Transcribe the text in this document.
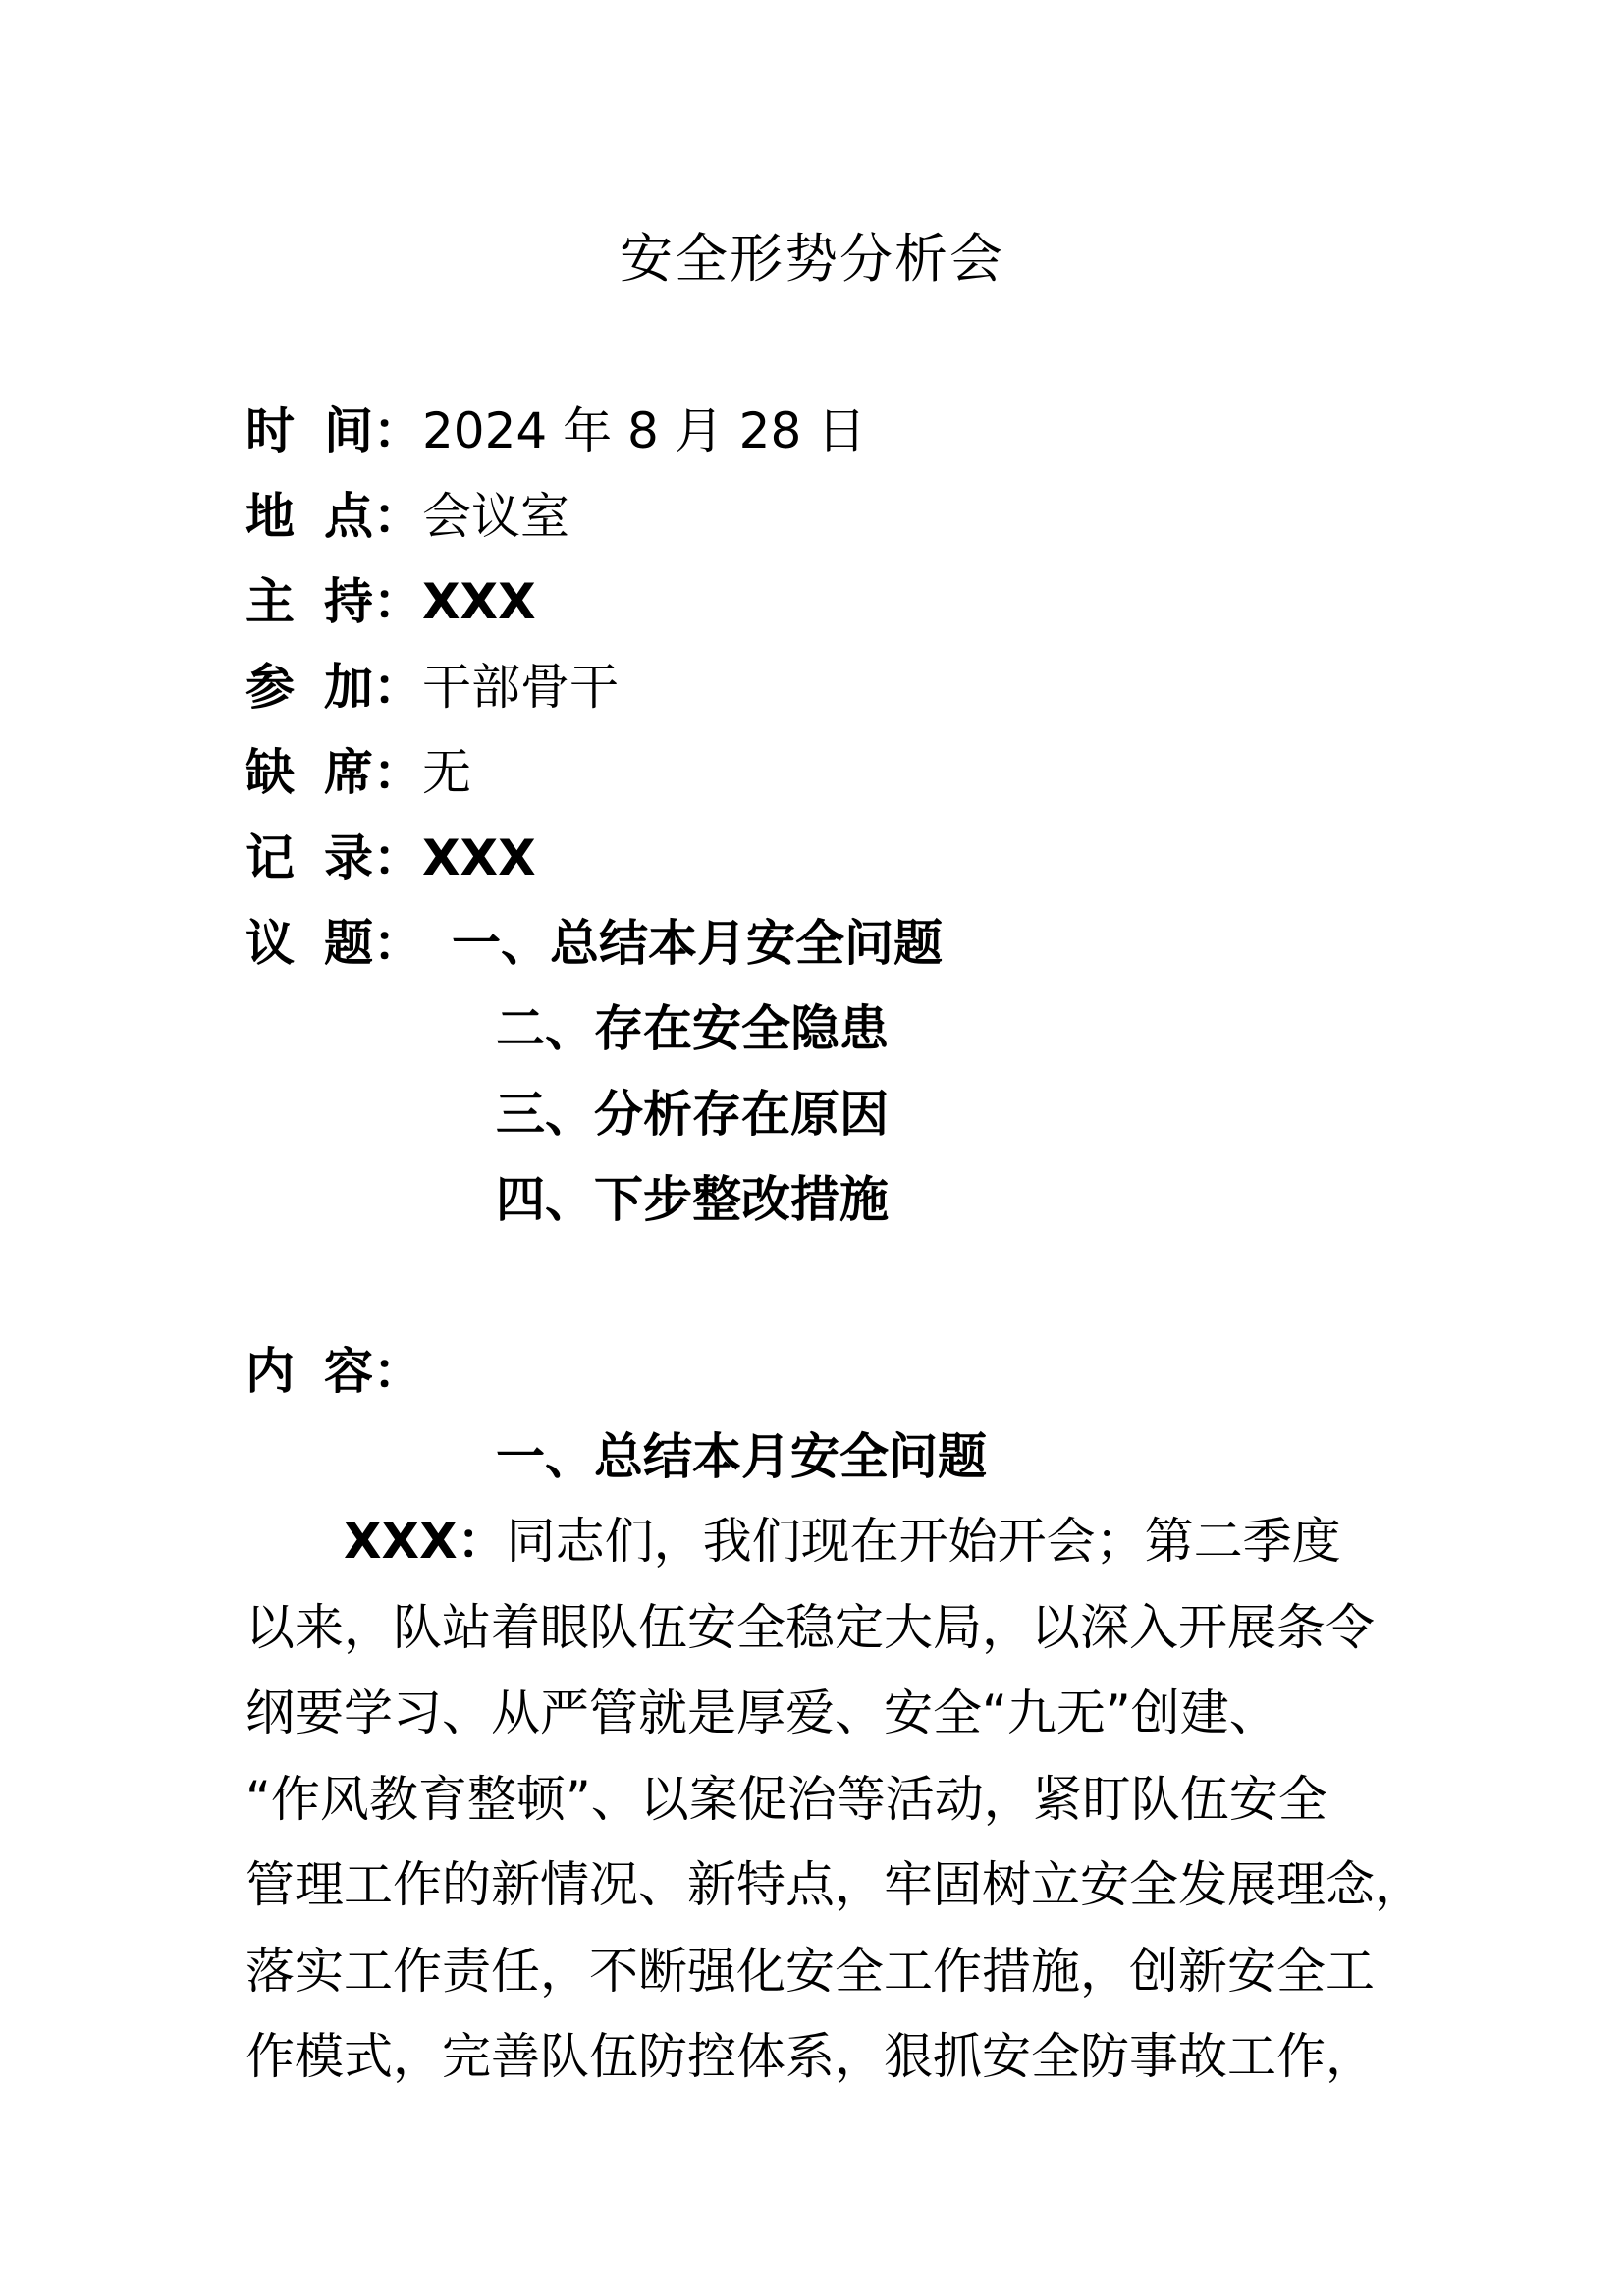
安全形势分析会
时 间：2024 年 8 月 28 日
地 点：会议室
主 持：XXX
参 加：干部骨干
缺 席：无
记 录：XXX
议 题： 一、总结本月安全问题
二、存在安全隐患
三、分析存在原因
四、下步整改措施
内 容：
一、总结本月安全问题
XXX：同志们，我们现在开始开会；第二季度
以来，队站着眼队伍安全稳定大局，以深入开展条令
纲要学习、从严管就是厚爱、安全“九无”创建、
“作风教育整顿”、以案促治等活动，紧盯队伍安全
管理工作的新情况、新特点，牢固树立安全发展理念，
落实工作责任，不断强化安全工作措施，创新安全工
作模式，完善队伍防控体系，狠抓安全防事故工作，
